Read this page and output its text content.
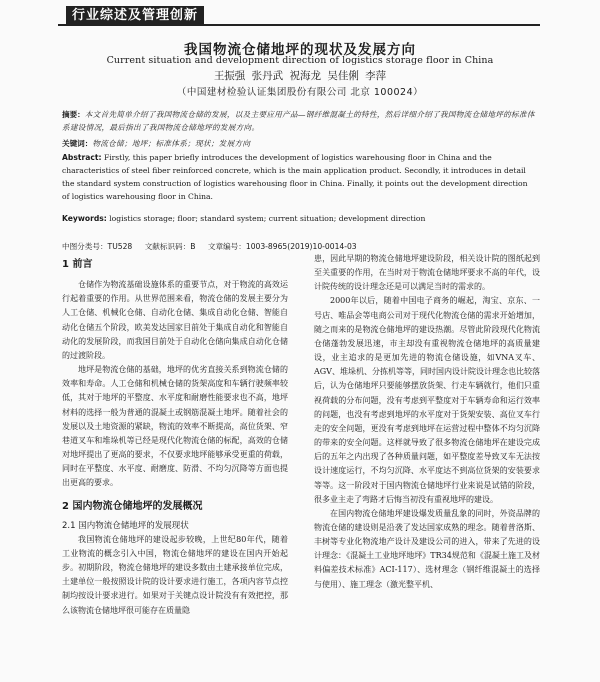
行业综述及管理创新
我国物流仓储地坪的现状及发展方向
Current situation and development direction of logistics storage floor in China
王振强 张丹武 祝海龙 吴佳俐 李萍
（中国建材检验认证集团股份有限公司 北京 100024）
摘要：本文首先简单介绍了我国物流仓储的发展，以及主要应用产品—钢纤维混凝土的特性，然后详细介绍了我国物流仓储地坪的标准体系建设情况，最后指出了我国物流仓储地坪的发展方向。
关键词：物流仓储；地坪；标准体系；现状；发展方向
Abstract: Firstly, this paper briefly introduces the development of logistics warehousing floor in China and the characteristics of steel fiber reinforced concrete, which is the main application product. Secondly, it introduces in detail the standard system construction of logistics warehousing floor in China. Finally, it points out the development direction of logistics warehousing floor in China.
Keywords: logistics storage; floor; standard system; current situation; development direction
中图分类号：TU528 文献标识码：B 文章编号：1003-8965(2019)10-0014-03

1 前言

仓储作为物流基础设施体系的重要节点，对于物流的高效运行起着重要的作用。从世界范围来看，物流仓储的发展主要分为人工仓储、机械化仓储、自动化仓储、集成自动化仓储、智能自动化仓储五个阶段，欧美发达国家目前处于集成自动化和智能自动化的发展阶段，而我国目前处于自动化仓储向集成自动化仓储的过渡阶段。

地坪是物流仓储的基础，地坪的优劣直接关系到物流仓储的效率和寿命。人工仓储和机械仓储的货架高度和车辆行驶频率较低，其对于地坪的平整度、水平度和耐磨性能要求也不高，地坪材料的选择一般为普通的混凝土或钢筋混凝土地坪。随着社会的发展以及土地资源的紧缺，物流的效率不断提高，高位货架、窄巷道叉车和堆垛机等已经是现代化物流仓储的标配，高效的仓储对地坪提出了更高的要求，不仅要求地坪能够承受更重的荷载，同时在平整度、水平度、耐磨度、防滑、不均匀沉降等方面也提出更高的要求。

2 国内物流仓储地坪的发展概况

2.1 国内物流仓储地坪的发展现状

我国物流仓储地坪的建设起步较晚，上世纪80年代，随着工业物流的概念引入中国，物流仓储地坪的建设在国内开始起步。初期阶段，物流仓储地坪的建设多数由土建承接单位完成，土建单位一般按照设计院的设计要求进行施工，各项内容节点控制均按设计要求进行。如果对于关键点设计院没有有效把控，那么该物流仓储地坪很可能存在质量隐

患，因此早期的物流仓储地坪建设阶段，相关设计院的图纸起到至关重要的作用，在当时对于物流仓储地坪要求不高的年代，设计院传统的设计理念还是可以满足当时的需求的。

2000年以后，随着中国电子商务的崛起，淘宝、京东、一号店、唯品会等电商公司对于现代化物流仓储的需求开始增加，随之而来的是物流仓储地坪的建设热潮。尽管此阶段现代化物流仓储蓬勃发展迅速，市主却没有重视物流仓储地坪的高质量建设，业主追求的是更加先进的物流仓储设施，如VNA叉车、AGV、堆垛机、分拣机等等，同时国内设计院设计理念也比较落后，认为仓储地坪只要能够摆放货架、行走车辆就行，他们只重视荷载的分布问题，没有考虑到平整度对于车辆寿命和运行效率的问题，也没有考虑到地坪的水平度对于货架安装、高位叉车行走的安全问题，更没有考虑到地坪在运营过程中整体不均匀沉降的带来的安全问题。这样就导致了很多物流仓储地坪在建设完成后的五年之内出现了各种质量问题，如平整度差导致叉车无法按设计速度运行，不均匀沉降、水平度达不到高位货架的安装要求等等。这一阶段对于国内物流仓储地坪行业来说是试错的阶段，很多业主走了弯路才后悔当初没有重视地坪的建设。

在国内物流仓储地坪建设爆发质量乱象的同时，外资品牌的物流仓储的建设则是沿袭了发达国家成熟的理念。随着普洛斯、丰树等专业化物流地产设计及建设公司的进入，带来了先进的设计理念：《混凝土工业地坪地坪》TR34规范和《混凝土施工及材料偏差技术标准》ACI-117）、选材理念（钢纤维混凝土的选择与使用）、施工理念（激光整平机、
